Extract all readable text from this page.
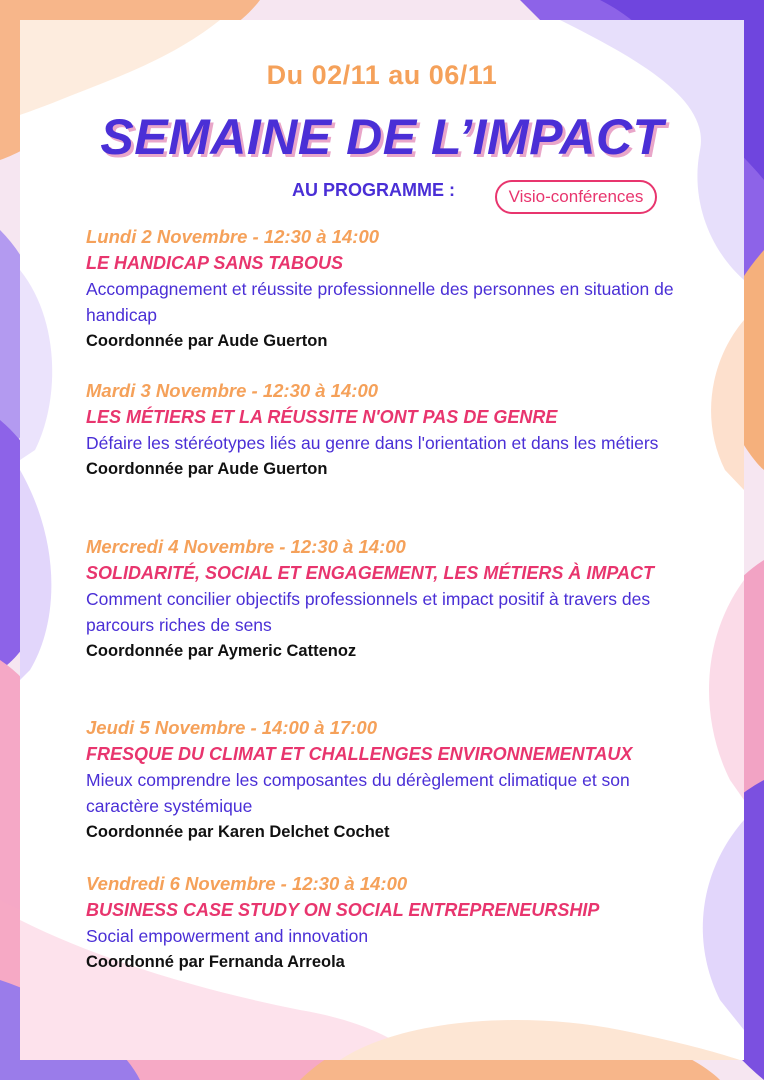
Du 02/11 au 06/11
SEMAINE DE L’IMPACT
AU PROGRAMME :	Visio-conférences
Lundi 2 Novembre - 12:30 à 14:00
LE HANDICAP SANS TABOUS
Accompagnement et réussite professionnelle des personnes en situation de handicap
Coordonnée par Aude Guerton
Mardi 3 Novembre - 12:30 à 14:00
LES MÉTIERS ET LA RÉUSSITE N'ONT PAS DE GENRE
Défaire les stéréotypes liés au genre dans l'orientation et dans les métiers
Coordonnée par Aude Guerton
Mercredi 4 Novembre - 12:30 à 14:00
SOLIDARITÉ, SOCIAL ET ENGAGEMENT, LES MÉTIERS À IMPACT
Comment concilier objectifs professionnels et impact positif à travers des parcours riches de sens
Coordonnée par Aymeric Cattenoz
Jeudi 5 Novembre - 14:00 à 17:00
FRESQUE DU CLIMAT ET CHALLENGES ENVIRONNEMENTAUX
Mieux comprendre les composantes du dérèglement climatique et son caractère systémique
Coordonnée par Karen Delchet Cochet
Vendredi 6 Novembre - 12:30 à 14:00
BUSINESS CASE STUDY ON SOCIAL ENTREPRENEURSHIP
Social empowerment and innovation
Coordonné par Fernanda Arreola
